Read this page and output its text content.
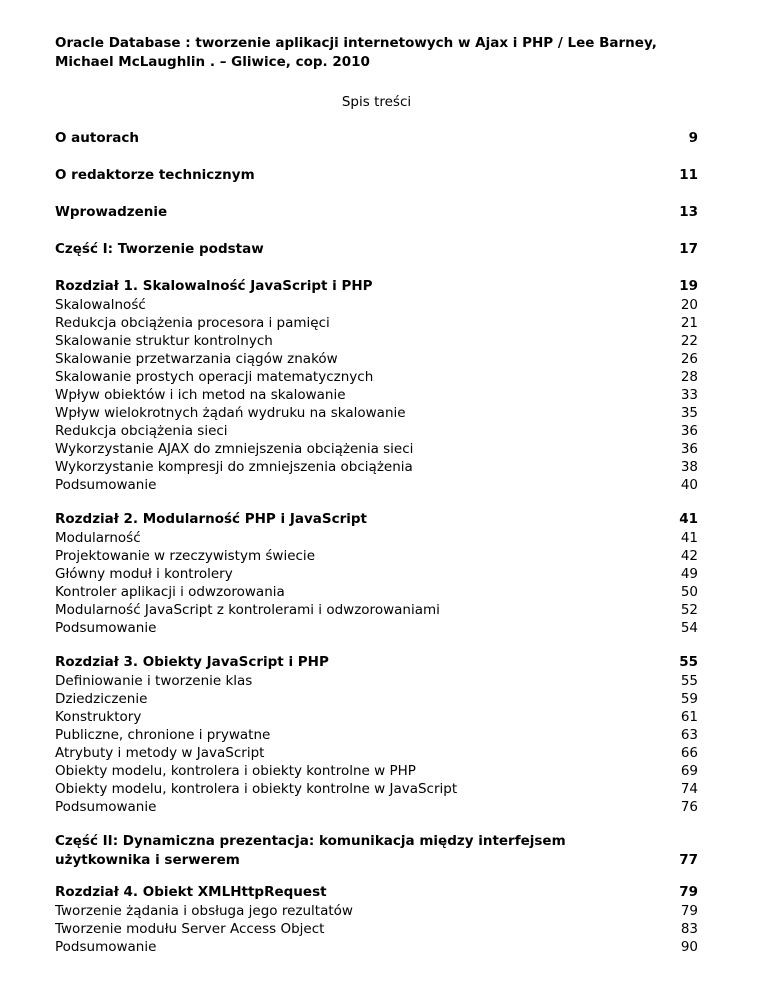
Oracle Database : tworzenie aplikacji internetowych w Ajax i PHP / Lee Barney, Michael McLaughlin . – Gliwice, cop. 2010

Spis treści
O autorach	9
O redaktorze technicznym	11
Wprowadzenie	13
Część I: Tworzenie podstaw	17
Rozdział 1. Skalowalność JavaScript i PHP	19
Skalowalność	20
Redukcja obciążenia procesora i pamięci	21
Skalowanie struktur kontrolnych	22
Skalowanie przetwarzania ciągów znaków	26
Skalowanie prostych operacji matematycznych	28
Wpływ obiektów i ich metod na skalowanie	33
Wpływ wielokrotnych żądań wydruku na skalowanie	35
Redukcja obciążenia sieci	36
Wykorzystanie AJAX do zmniejszenia obciążenia sieci	36
Wykorzystanie kompresji do zmniejszenia obciążenia	38
Podsumowanie	40
Rozdział 2. Modularność PHP i JavaScript	41
Modularność	41
Projektowanie w rzeczywistym świecie	42
Główny moduł i kontrolery	49
Kontroler aplikacji i odwzorowania	50
Modularność JavaScript z kontrolerami i odwzorowaniami	52
Podsumowanie	54
Rozdział 3. Obiekty JavaScript i PHP	55
Definiowanie i tworzenie klas	55
Dziedziczenie	59
Konstruktory	61
Publiczne, chronione i prywatne	63
Atrybuty i metody w JavaScript	66
Obiekty modelu, kontrolera i obiekty kontrolne w PHP	69
Obiekty modelu, kontrolera i obiekty kontrolne w JavaScript	74
Podsumowanie	76
Część II: Dynamiczna prezentacja: komunikacja między interfejsem użytkownika i serwerem	77
Rozdział 4. Obiekt XMLHttpRequest	79
Tworzenie żądania i obsługa jego rezultatów	79
Tworzenie modułu Server Access Object	83
Podsumowanie	90
